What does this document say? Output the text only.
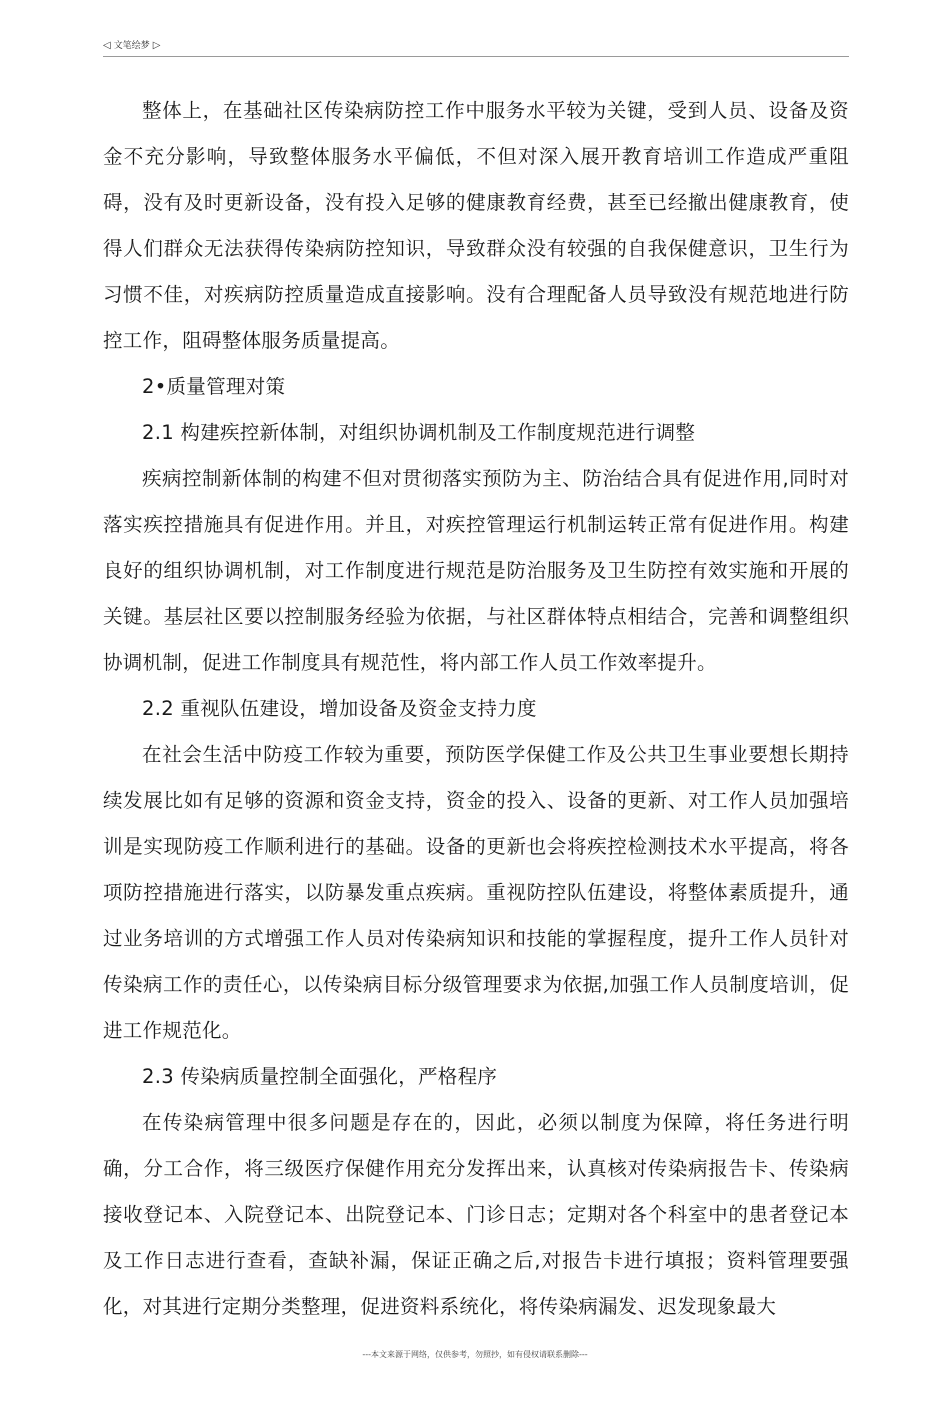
◁ 文笔绘梦 ▷

整体上，在基础社区传染病防控工作中服务水平较为关键，受到人员、设备及资金不充分影响，导致整体服务水平偏低，不但对深入展开教育培训工作造成严重阻碍，没有及时更新设备，没有投入足够的健康教育经费，甚至已经撤出健康教育，使得人们群众无法获得传染病防控知识，导致群众没有较强的自我保健意识，卫生行为习惯不佳，对疾病防控质量造成直接影响。没有合理配备人员导致没有规范地进行防控工作，阻碍整体服务质量提高。

2•质量管理对策

2.1 构建疾控新体制，对组织协调机制及工作制度规范进行调整

疾病控制新体制的构建不但对贯彻落实预防为主、防治结合具有促进作用,同时对落实疾控措施具有促进作用。并且，对疾控管理运行机制运转正常有促进作用。构建良好的组织协调机制，对工作制度进行规范是防治服务及卫生防控有效实施和开展的关键。基层社区要以控制服务经验为依据，与社区群体特点相结合，完善和调整组织协调机制，促进工作制度具有规范性，将内部工作人员工作效率提升。

2.2 重视队伍建设，增加设备及资金支持力度

在社会生活中防疫工作较为重要，预防医学保健工作及公共卫生事业要想长期持续发展比如有足够的资源和资金支持，资金的投入、设备的更新、对工作人员加强培训是实现防疫工作顺利进行的基础。设备的更新也会将疾控检测技术水平提高，将各项防控措施进行落实，以防暴发重点疾病。重视防控队伍建设，将整体素质提升，通过业务培训的方式增强工作人员对传染病知识和技能的掌握程度，提升工作人员针对传染病工作的责任心，以传染病目标分级管理要求为依据,加强工作人员制度培训，促进工作规范化。

2.3 传染病质量控制全面强化，严格程序

在传染病管理中很多问题是存在的，因此，必须以制度为保障，将任务进行明确，分工合作，将三级医疗保健作用充分发挥出来，认真核对传染病报告卡、传染病接收登记本、入院登记本、出院登记本、门诊日志；定期对各个科室中的患者登记本及工作日志进行查看，查缺补漏，保证正确之后,对报告卡进行填报；资料管理要强化，对其进行定期分类整理，促进资料系统化，将传染病漏发、迟发现象最大

---本文来源于网络，仅供参考，勿照抄，如有侵权请联系删除---
